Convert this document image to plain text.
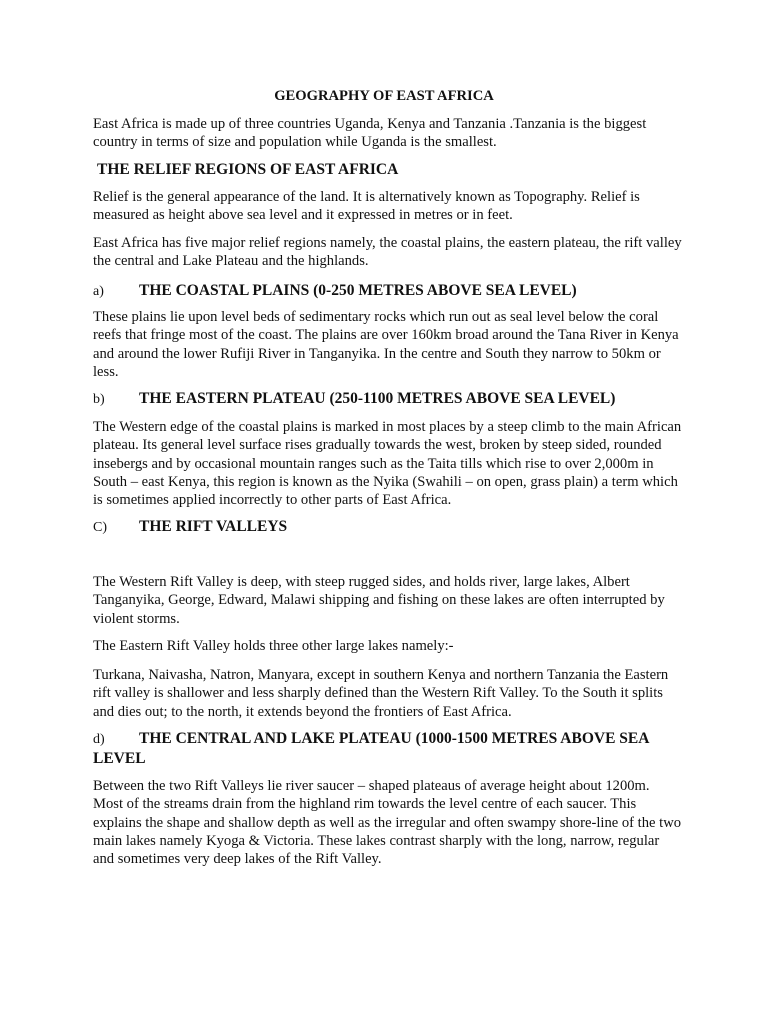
GEOGRAPHY OF EAST AFRICA

East Africa is made up of three countries Uganda, Kenya and Tanzania .Tanzania is the biggest country in terms of size and population while Uganda is the smallest.

THE RELIEF REGIONS OF EAST AFRICA

Relief is the general appearance of the land. It is alternatively known as Topography. Relief is measured as height above sea level and it expressed in metres or in feet.

East Africa has five major relief regions namely, the coastal plains, the eastern plateau, the rift valley the central and Lake Plateau and the highlands.

a) THE COASTAL PLAINS (0-250 METRES ABOVE SEA LEVEL)

These plains lie upon level beds of sedimentary rocks which run out as seal level below the coral reefs that fringe most of the coast. The plains are over 160km broad around the Tana River in Kenya and around the lower Rufiji River in Tanganyika. In the centre and South they narrow to 50km or less.

b) THE EASTERN PLATEAU (250-1100 METRES ABOVE SEA LEVEL)

The Western edge of the coastal plains is marked in most places by a steep climb to the main African plateau. Its general level surface rises gradually towards the west, broken by steep sided, rounded insebergs and by occasional mountain ranges such as the Taita tills which rise to over 2,000m in South – east Kenya, this region is known as the Nyika (Swahili – on open, grass plain) a term which is sometimes applied incorrectly to other parts of East Africa.

C) THE RIFT VALLEYS

The Western Rift Valley is deep, with steep rugged sides, and holds river, large lakes, Albert Tanganyika, George, Edward, Malawi shipping and fishing on these lakes are often interrupted by violent storms.

The Eastern Rift Valley holds three other large lakes namely:-

Turkana, Naivasha, Natron, Manyara, except in southern Kenya and northern Tanzania the Eastern rift valley is shallower and less sharply defined than the Western Rift Valley. To the South it splits and dies out; to the north, it extends beyond the frontiers of East Africa.

d) THE CENTRAL AND LAKE PLATEAU (1000-1500 METRES ABOVE SEA LEVEL

Between the two Rift Valleys lie river saucer – shaped plateaus of average height about 1200m. Most of the streams drain from the highland rim towards the level centre of each saucer. This explains the shape and shallow depth as well as the irregular and often swampy shore-line of the two main lakes namely Kyoga & Victoria. These lakes contrast sharply with the long, narrow, regular and sometimes very deep lakes of the Rift Valley.
